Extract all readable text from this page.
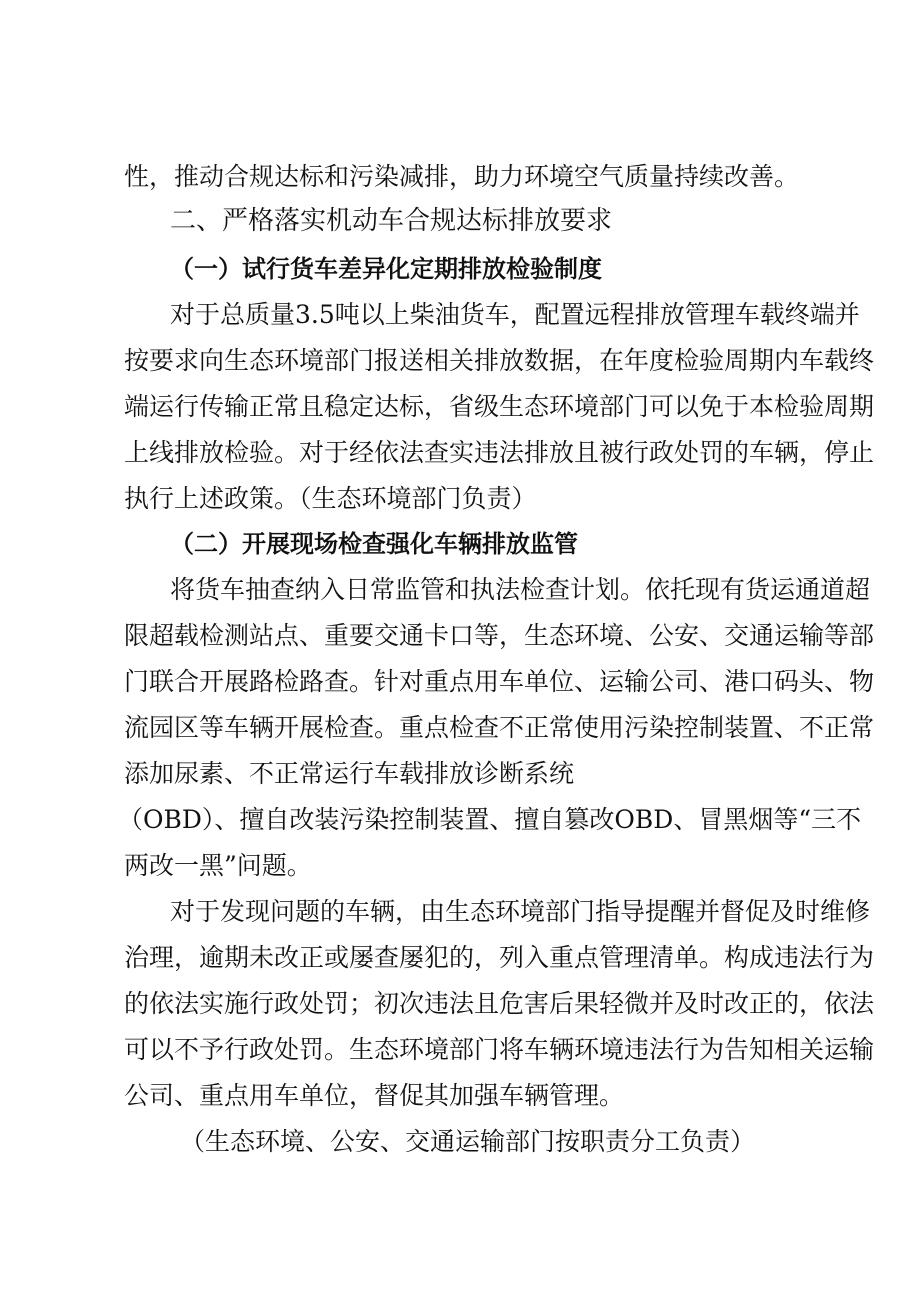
性，推动合规达标和污染减排，助力环境空气质量持续改善。
二、严格落实机动车合规达标排放要求
（一）试行货车差异化定期排放检验制度
对于总质量3.5吨以上柴油货车，配置远程排放管理车载终端并
按要求向生态环境部门报送相关排放数据，在年度检验周期内车载终
端运行传输正常且稳定达标，省级生态环境部门可以免于本检验周期
上线排放检验。对于经依法查实违法排放且被行政处罚的车辆，停止
执行上述政策。（生态环境部门负责）
（二）开展现场检查强化车辆排放监管
将货车抽查纳入日常监管和执法检查计划。依托现有货运通道超
限超载检测站点、重要交通卡口等，生态环境、公安、交通运输等部
门联合开展路检路查。针对重点用车单位、运输公司、港口码头、物
流园区等车辆开展检查。重点检查不正常使用污染控制装置、不正常
添加尿素、不正常运行车载排放诊断系统
（OBD）、擅自改装污染控制装置、擅自篡改OBD、冒黑烟等“三不
两改一黑”问题。
对于发现问题的车辆，由生态环境部门指导提醒并督促及时维修
治理，逾期未改正或屡查屡犯的，列入重点管理清单。构成违法行为
的依法实施行政处罚；初次违法且危害后果轻微并及时改正的，依法
可以不予行政处罚。生态环境部门将车辆环境违法行为告知相关运输
公司、重点用车单位，督促其加强车辆管理。
（生态环境、公安、交通运输部门按职责分工负责）
